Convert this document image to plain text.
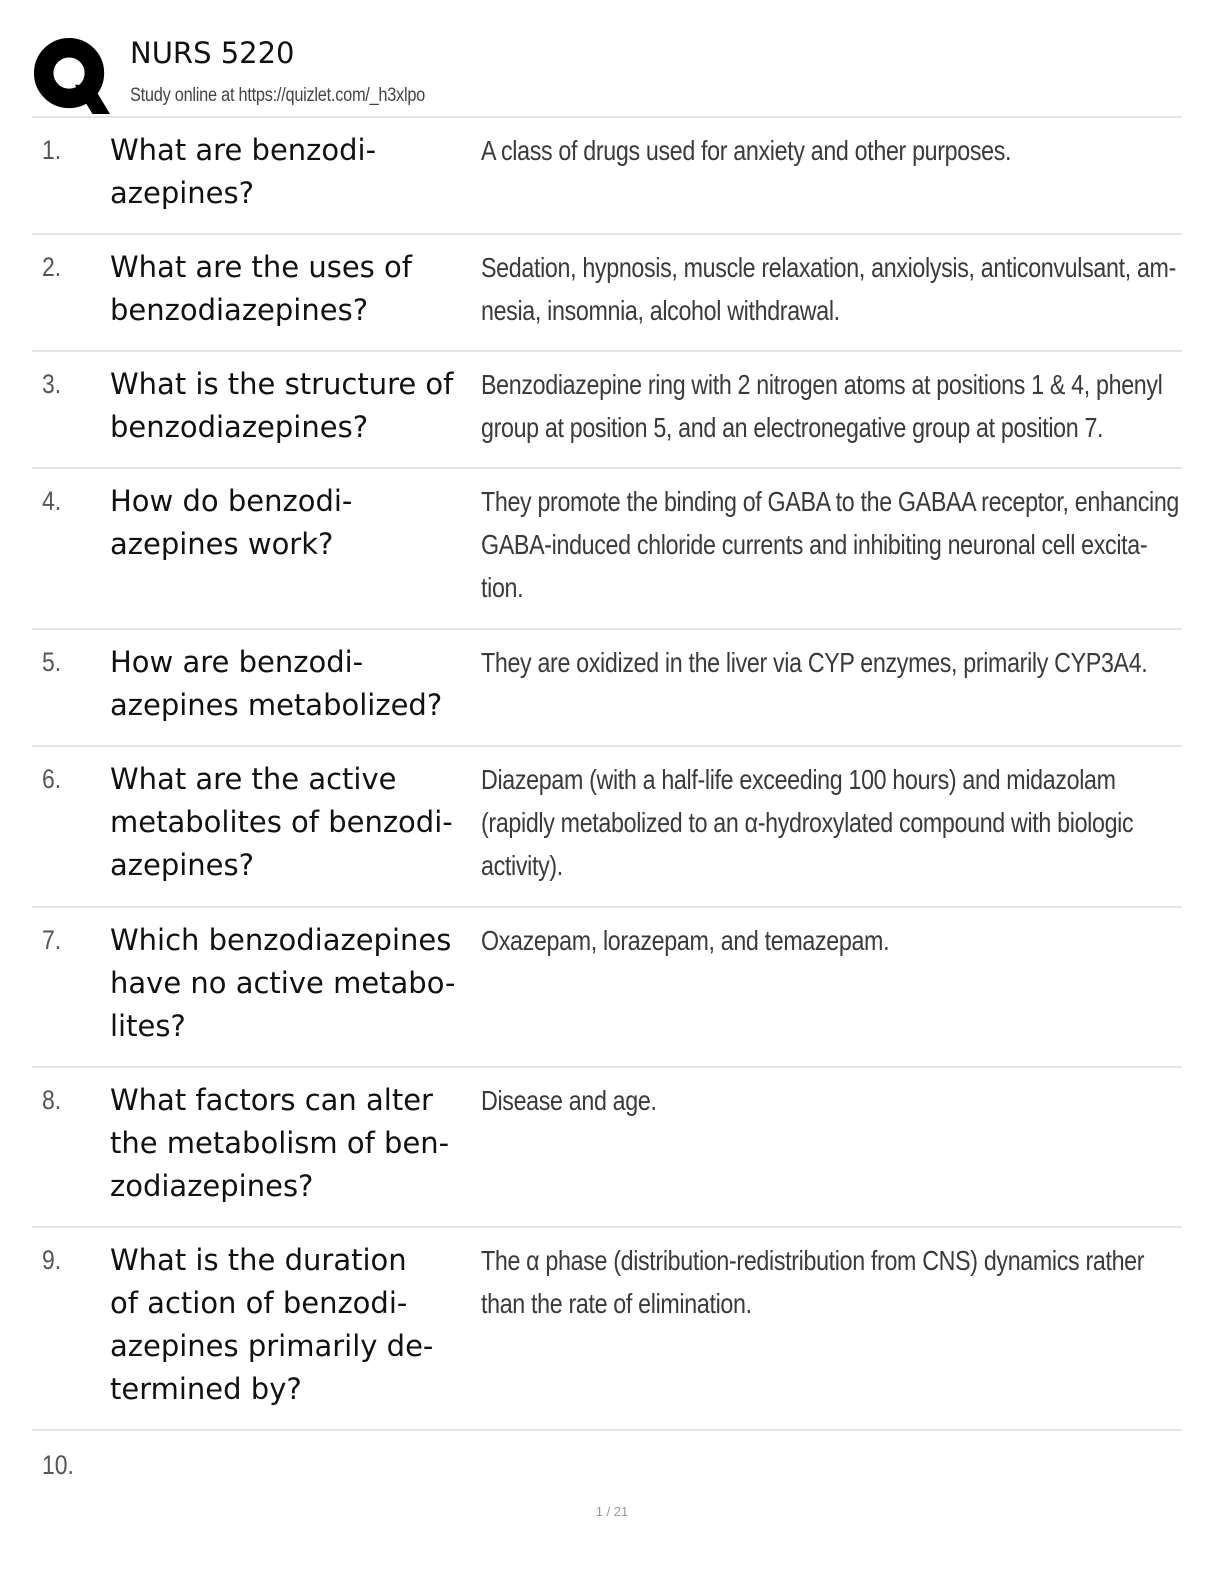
NURS 5220
Study online at https://quizlet.com/_h3xlpo
1. What are benzodi-
azepines?
A class of drugs used for anxiety and other purposes.
2. What are the uses of
benzodiazepines?
Sedation, hypnosis, muscle relaxation, anxiolysis, anticonvulsant, am-
nesia, insomnia, alcohol withdrawal.
3. What is the structure of
benzodiazepines?
Benzodiazepine ring with 2 nitrogen atoms at positions 1 & 4, phenyl
group at position 5, and an electronegative group at position 7.
4. How do benzodi-
azepines work?
They promote the binding of GABA to the GABAA receptor, enhancing
GABA-induced chloride currents and inhibiting neuronal cell excita-
tion.
5. How are benzodi-
azepines metabolized?
They are oxidized in the liver via CYP enzymes, primarily CYP3A4.
6. What are the active
metabolites of benzodi-
azepines?
Diazepam (with a half-life exceeding 100 hours) and midazolam
(rapidly metabolized to an α-hydroxylated compound with biologic
activity).
7. Which benzodiazepines
have no active metabo-
lites?
Oxazepam, lorazepam, and temazepam.
8. What factors can alter
the metabolism of ben-
zodiazepines?
Disease and age.
9. What is the duration
of action of benzodi-
azepines primarily de-
termined by?
The α phase (distribution-redistribution from CNS) dynamics rather
than the rate of elimination.
10.
1 / 21
